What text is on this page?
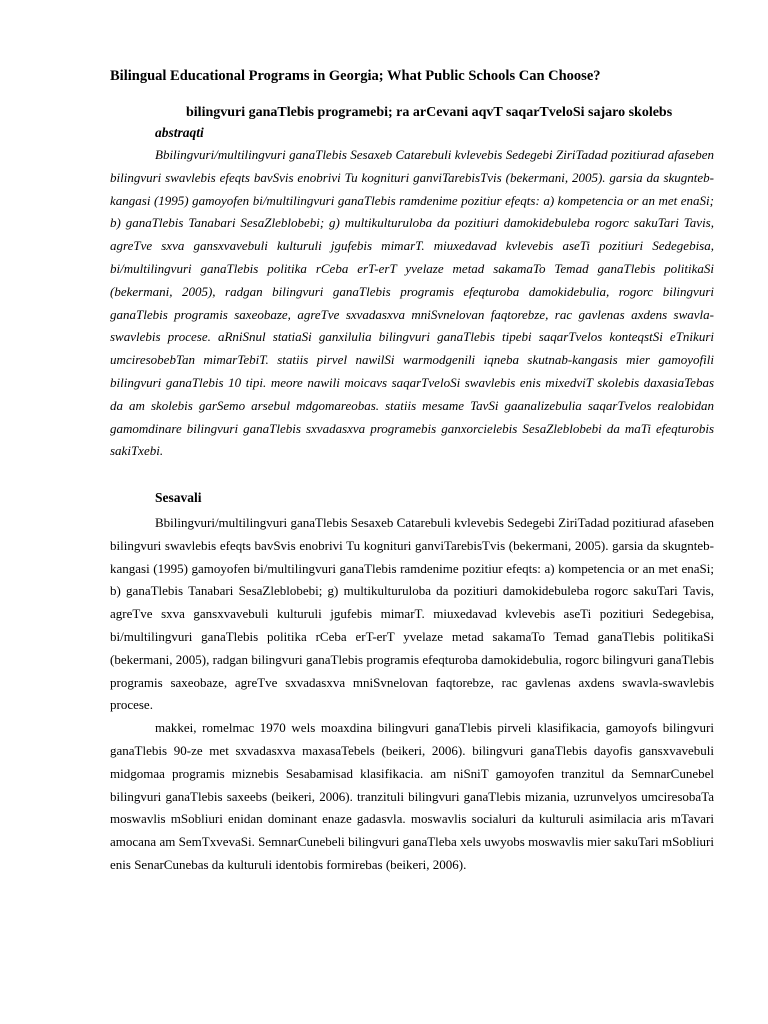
Bilingual Educational Programs in Georgia; What Public Schools Can Choose?
bilingvuri ganaTlebis programebi; ra arCevani aqvT saqarTveloSi sajaro skolebs
abstraqti

Bbilingvuri/multilingvuri ganaTlebis Sesaxeb Catarebuli kvlevebis Sedegebi ZiriTadad pozitiurad afaseben bilingvuri swavlebis efeqts bavSvis enobrivi Tu kognituri ganviTarebisTvis (bekermani, 2005). garsia da skugnteb-kangasi (1995) gamoyofen bi/multilingvuri ganaTlebis ramdenime pozitiur efeqts: a) kompetencia or an met enaSi; b) ganaTlebis Tanabari SesaZleblobebi; g) multikulturuloba da pozitiuri damokidebuleba rogorc sakuTari Tavis, agreTve sxva gansxvavebuli kulturuli jgufebis mimarT. miuxedavad kvlevebis aseTi pozitiuri Sedegebisa, bi/multilingvuri ganaTlebis politika rCeba erT-erT yvelaze metad sakamaTo Temad ganaTlebis politikaSi (bekermani, 2005), radgan bilingvuri ganaTlebis programis efeqturoba damokidebulia, rogorc bilingvuri ganaTlebis programis saxeobaze, agreTve sxvadasxva mniSvnelovan faqtorebze, rac gavlenas axdens swavla-swavlebis procese. aRniSnul statiaSi ganxilulia bilingvuri ganaTlebis tipebi saqarTvelos konteqstSi eTnikuri umciresobebTan mimarTebiT. statiis pirvel nawilSi warmodgenili iqneba skutnab-kangasis mier gamoyofili bilingvuri ganaTlebis 10 tipi. meore nawili moicavs saqarTveloSi swavlebis enis mixedviT skolebis daxasiaTebas da am skolebis garSemo arsebul mdgomareobas. statiis mesame TavSi gaanalizebulia saqarTvelos realobidan gamomdinare bilingvuri ganaTlebis sxvadasxva programebis ganxorcielebis SesaZleblobebi da maTi efeqturobis sakiTxebi.

Sesavali

Bbilingvuri/multilingvuri ganaTlebis Sesaxeb Catarebuli kvlevebis Sedegebi ZiriTadad pozitiurad afaseben bilingvuri swavlebis efeqts bavSvis enobrivi Tu kognituri ganviTarebisTvis (bekermani, 2005). garsia da skugnteb-kangasi (1995) gamoyofen bi/multilingvuri ganaTlebis ramdenime pozitiur efeqts: a) kompetencia or an met enaSi; b) ganaTlebis Tanabari SesaZleblobebi; g) multikulturuloba da pozitiuri damokidebuleba rogorc sakuTari Tavis, agreTve sxva gansxvavebuli kulturuli jgufebis mimarT. miuxedavad kvlevebis aseTi pozitiuri Sedegebisa, bi/multilingvuri ganaTlebis politika rCeba erT-erT yvelaze metad sakamaTo Temad ganaTlebis politikaSi (bekermani, 2005), radgan bilingvuri ganaTlebis programis efeqturoba damokidebulia, rogorc bilingvuri ganaTlebis programis saxeobaze, agreTve sxvadasxva mniSvnelovan faqtorebze, rac gavlenas axdens swavla-swavlebis procese.

makkei, romelmac 1970 wels moaxdina bilingvuri ganaTlebis pirveli klasifikacia, gamoyofs bilingvuri ganaTlebis 90-ze met sxvadasxva maxasaTebels (beikeri, 2006). bilingvuri ganaTlebis dayofis gansxvavebuli midgomaa programis miznebis Sesabamisad klasifikacia. am niSniT gamoyofen tranzitul da SemnarCunebel bilingvuri ganaTlebis saxeebs (beikeri, 2006). tranzituli bilingvuri ganaTlebis mizania, uzrunvelyos umciresobaTa moswavlis mSobliuri enidan dominant enaze gadasvla. moswavlis socialuri da kulturuli asimilacia aris mTavari amocana am SemTxvevaSi. SemnarCunebeli bilingvuri ganaTleba xels uwyobs moswavlis mier sakuTari mSobliuri enis SenarCunebas da kulturuli identobis formirebas (beikeri, 2006).
